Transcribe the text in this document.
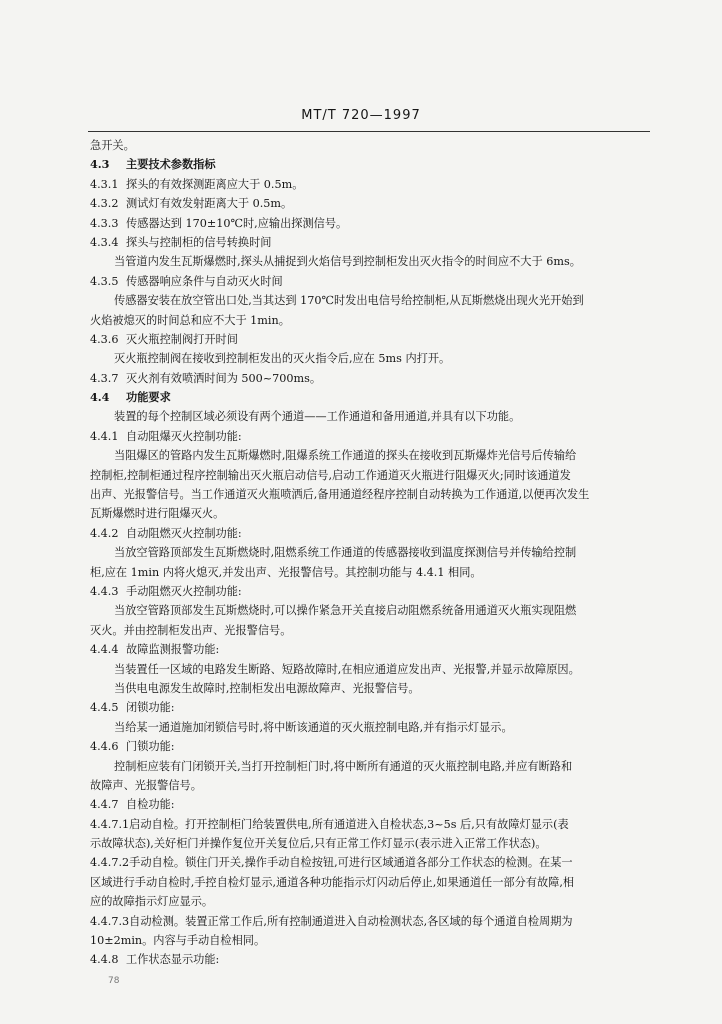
MT/T 720—1997
急开关。
4.3 主要技术参数指标
4.3.1 探头的有效探测距离应大于 0.5m。
4.3.2 测试灯有效发射距离大于 0.5m。
4.3.3 传感器达到 170±10℃时,应输出探测信号。
4.3.4 探头与控制柜的信号转换时间
当管道内发生瓦斯爆燃时,探头从捕捉到火焰信号到控制柜发出灭火指令的时间应不大于 6ms。
4.3.5 传感器响应条件与自动灭火时间
传感器安装在放空管出口处,当其达到 170℃时发出电信号给控制柜,从瓦斯燃烧出现火光开始到
火焰被熄灭的时间总和应不大于 1min。
4.3.6 灭火瓶控制阀打开时间
灭火瓶控制阀在接收到控制柜发出的灭火指令后,应在 5ms 内打开。
4.3.7 灭火剂有效喷洒时间为 500~700ms。
4.4 功能要求
装置的每个控制区域必须设有两个通道——工作通道和备用通道,并具有以下功能。
4.4.1 自动阻爆灭火控制功能:
当阻爆区的管路内发生瓦斯爆燃时,阻爆系统工作通道的探头在接收到瓦斯爆炸光信号后传输给
控制柜,控制柜通过程序控制输出灭火瓶启动信号,启动工作通道灭火瓶进行阻爆灭火;同时该通道发
出声、光报警信号。当工作通道灭火瓶喷洒后,备用通道经程序控制自动转换为工作通道,以便再次发生
瓦斯爆燃时进行阻爆灭火。
4.4.2 自动阻燃灭火控制功能:
当放空管路顶部发生瓦斯燃烧时,阻燃系统工作通道的传感器接收到温度探测信号并传输给控制
柜,应在 1min 内将火熄灭,并发出声、光报警信号。其控制功能与 4.4.1 相同。
4.4.3 手动阻燃灭火控制功能:
当放空管路顶部发生瓦斯燃烧时,可以操作紧急开关直接启动阻燃系统备用通道灭火瓶实现阻燃
灭火。并由控制柜发出声、光报警信号。
4.4.4 故障监测报警功能:
当装置任一区域的电路发生断路、短路故障时,在相应通道应发出声、光报警,并显示故障原因。
当供电电源发生故障时,控制柜发出电源故障声、光报警信号。
4.4.5 闭锁功能:
当给某一通道施加闭锁信号时,将中断该通道的灭火瓶控制电路,并有指示灯显示。
4.4.6 门锁功能:
控制柜应装有门闭锁开关,当打开控制柜门时,将中断所有通道的灭火瓶控制电路,并应有断路和
故障声、光报警信号。
4.4.7 自检功能:
4.4.7.1启动自检。打开控制柜门给装置供电,所有通道进入自检状态,3~5s 后,只有故障灯显示(表
示故障状态),关好柜门并操作复位开关复位后,只有正常工作灯显示(表示进入正常工作状态)。
4.4.7.2手动自检。锁住门开关,操作手动自检按钮,可进行区域通道各部分工作状态的检测。在某一
区域进行手动自检时,手控自检灯显示,通道各种功能指示灯闪动后停止,如果通道任一部分有故障,相
应的故障指示灯应显示。
4.4.7.3自动检测。装置正常工作后,所有控制通道进入自动检测状态,各区域的每个通道自检周期为
10±2min。内容与手动自检相同。
4.4.8 工作状态显示功能:
78
